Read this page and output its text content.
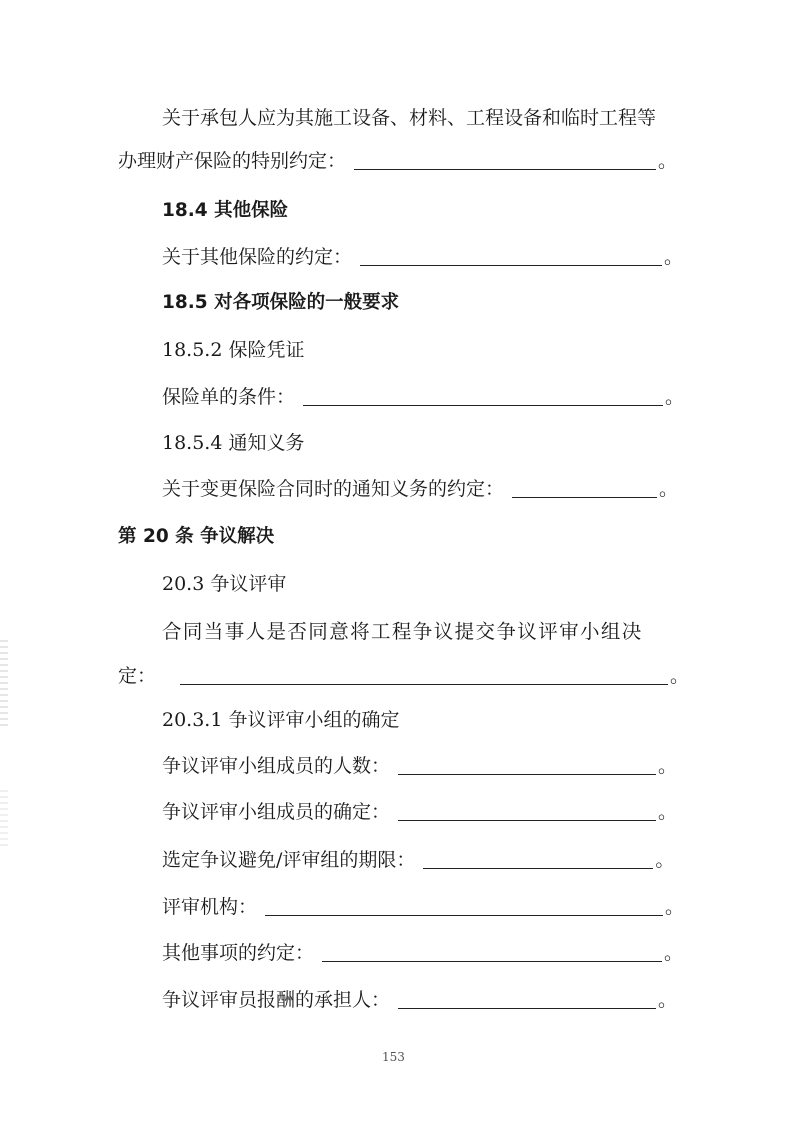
关于承包人应为其施工设备、材料、工程设备和临时工程等
办理财产保险的特别约定：	。
18.4 其他保险
关于其他保险的约定：	。
18.5 对各项保险的一般要求
18.5.2 保险凭证
保险单的条件：	。
18.5.4 通知义务
关于变更保险合同时的通知义务的约定：	。
第 20 条 争议解决
20.3 争议评审
合同当事人是否同意将工程争议提交争议评审小组决
定：	。
20.3.1 争议评审小组的确定
争议评审小组成员的人数：	。
争议评审小组成员的确定：	。
选定争议避免/评审组的期限：	。
评审机构：	。
其他事项的约定：	。
争议评审员报酬的承担人：	。
153
